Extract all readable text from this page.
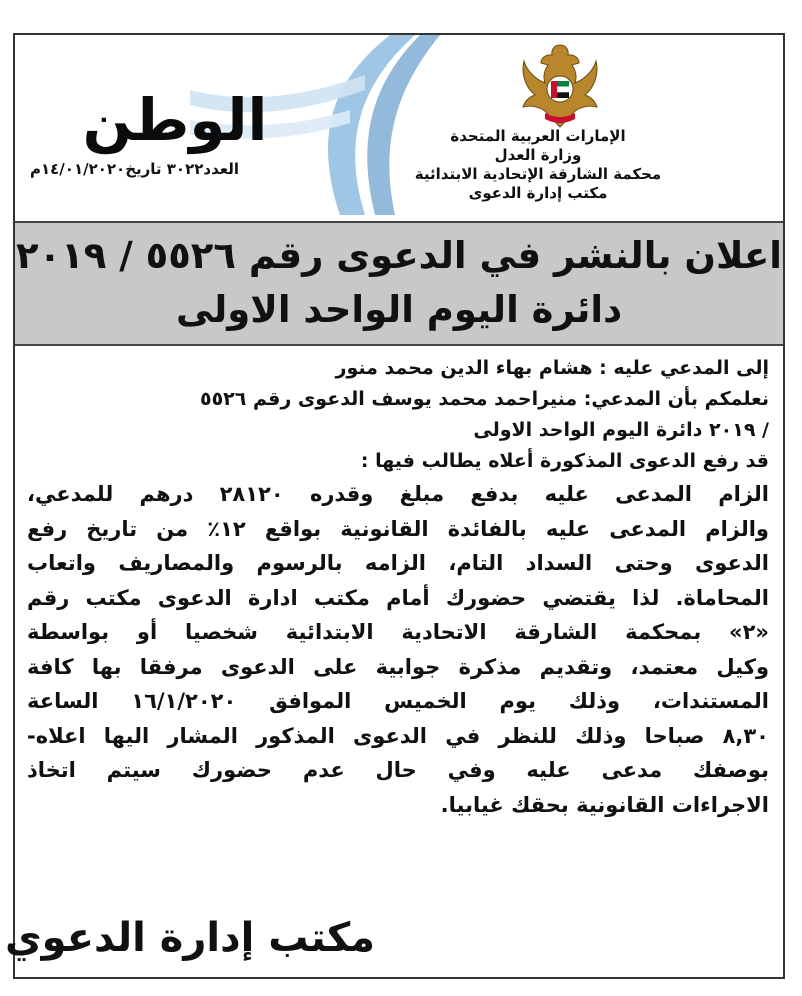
الإمارات العربية المتحدة
وزارة العدل
محكمة الشارقة الإتحادية الابتدائية
مكتب إدارة الدعوى
الوطن
العدد٣٠٢٢ تاريخ١٤/٠١/٢٠٢٠م
اعلان بالنشر في الدعوى رقم ٥٥٢٦ / ٢٠١٩
دائرة اليوم الواحد الاولى
إلى المدعي عليه : هشام بهاء الدين محمد منور
نعلمكم بأن المدعي: منيراحمد محمد يوسف الدعوى رقم ٥٥٢٦
/ ٢٠١٩ دائرة اليوم الواحد الاولى
قد رفع الدعوى المذكورة أعلاه يطالب فيها :
الزام المدعى عليه بدفع مبلغ وقدره ٢٨١٢٠ درهم للمدعي،
والزام المدعى عليه بالفائدة القانونية بواقع ١٢٪ من تاريخ رفع
الدعوى وحتى السداد التام، الزامه بالرسوم والمصاريف واتعاب
المحاماة. لذا يقتضي حضورك أمام مكتب ادارة الدعوى مكتب رقم
«٢» بمحكمة الشارقة الاتحادية الابتدائية شخصيا أو بواسطة
وكيل معتمد، وتقديم مذكرة جوابية على الدعوى مرفقا بها كافة
المستندات، وذلك يوم الخميس الموافق ١٦/١/٢٠٢٠ الساعة
٨,٣٠ صباحا وذلك للنظر في الدعوى المذكور المشار اليها اعلاه-
بوصفك مدعى عليه وفي حال عدم حضورك سيتم اتخاذ
الاجراءات القانونية بحقك غيابيا.
مكتب إدارة الدعوي
